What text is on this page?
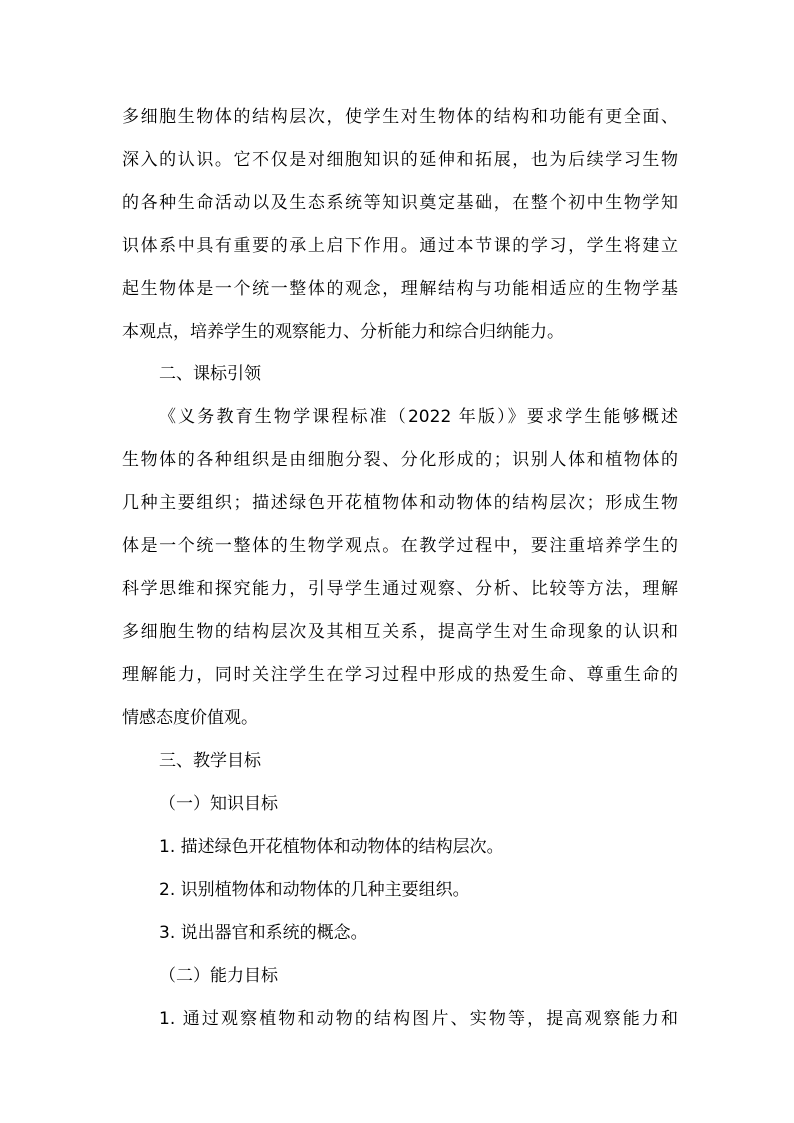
多细胞生物体的结构层次，使学生对生物体的结构和功能有更全面、
深入的认识。它不仅是对细胞知识的延伸和拓展，也为后续学习生物
的各种生命活动以及生态系统等知识奠定基础，在整个初中生物学知
识体系中具有重要的承上启下作用。通过本节课的学习，学生将建立
起生物体是一个统一整体的观念，理解结构与功能相适应的生物学基
本观点，培养学生的观察能力、分析能力和综合归纳能力。
二、课标引领
《义务教育生物学课程标准（2022 年版）》要求学生能够概述
生物体的各种组织是由细胞分裂、分化形成的；识别人体和植物体的
几种主要组织；描述绿色开花植物体和动物体的结构层次；形成生物
体是一个统一整体的生物学观点。在教学过程中，要注重培养学生的
科学思维和探究能力，引导学生通过观察、分析、比较等方法，理解
多细胞生物的结构层次及其相互关系，提高学生对生命现象的认识和
理解能力，同时关注学生在学习过程中形成的热爱生命、尊重生命的
情感态度价值观。
三、教学目标
（一）知识目标
1. 描述绿色开花植物体和动物体的结构层次。
2. 识别植物体和动物体的几种主要组织。
3. 说出器官和系统的概念。
（二）能力目标
1. 通过观察植物和动物的结构图片、实物等，提高观察能力和
